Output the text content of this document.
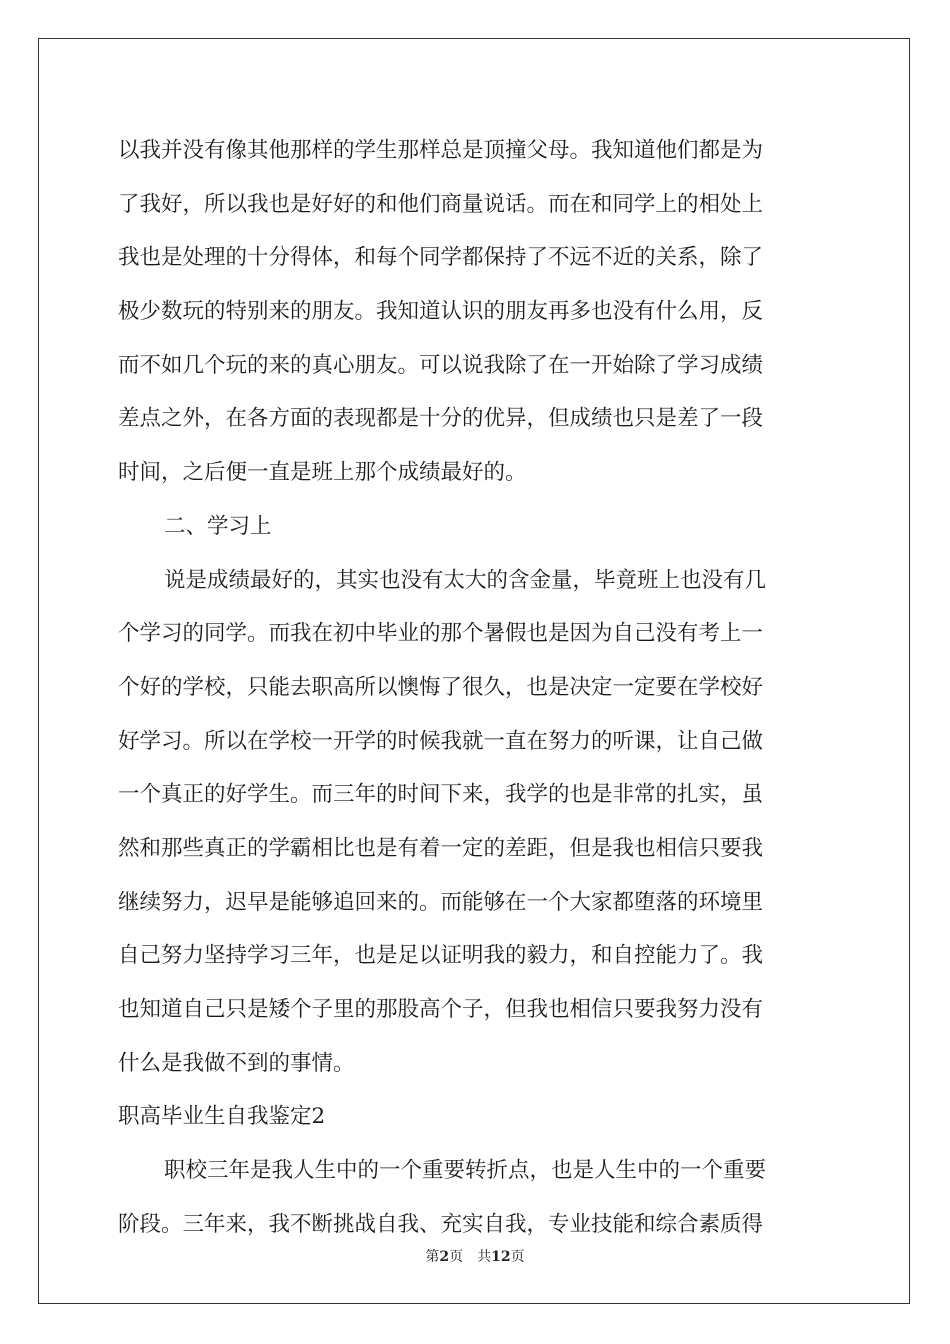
以我并没有像其他那样的学生那样总是顶撞父母。我知道他们都是为
了我好，所以我也是好好的和他们商量说话。而在和同学上的相处上
我也是处理的十分得体，和每个同学都保持了不远不近的关系，除了
极少数玩的特别来的朋友。我知道认识的朋友再多也没有什么用，反
而不如几个玩的来的真心朋友。可以说我除了在一开始除了学习成绩
差点之外，在各方面的表现都是十分的优异，但成绩也只是差了一段
时间，之后便一直是班上那个成绩最好的。
二、学习上
说是成绩最好的，其实也没有太大的含金量，毕竟班上也没有几
个学习的同学。而我在初中毕业的那个暑假也是因为自己没有考上一
个好的学校，只能去职高所以懊悔了很久，也是决定一定要在学校好
好学习。所以在学校一开学的时候我就一直在努力的听课，让自己做
一个真正的好学生。而三年的时间下来，我学的也是非常的扎实，虽
然和那些真正的学霸相比也是有着一定的差距，但是我也相信只要我
继续努力，迟早是能够追回来的。而能够在一个大家都堕落的环境里
自己努力坚持学习三年，也是足以证明我的毅力，和自控能力了。我
也知道自己只是矮个子里的那股高个子，但我也相信只要我努力没有
什么是我做不到的事情。
职高毕业生自我鉴定2
职校三年是我人生中的一个重要转折点，也是人生中的一个重要
阶段。三年来，我不断挑战自我、充实自我，专业技能和综合素质得
第2页 共12页
